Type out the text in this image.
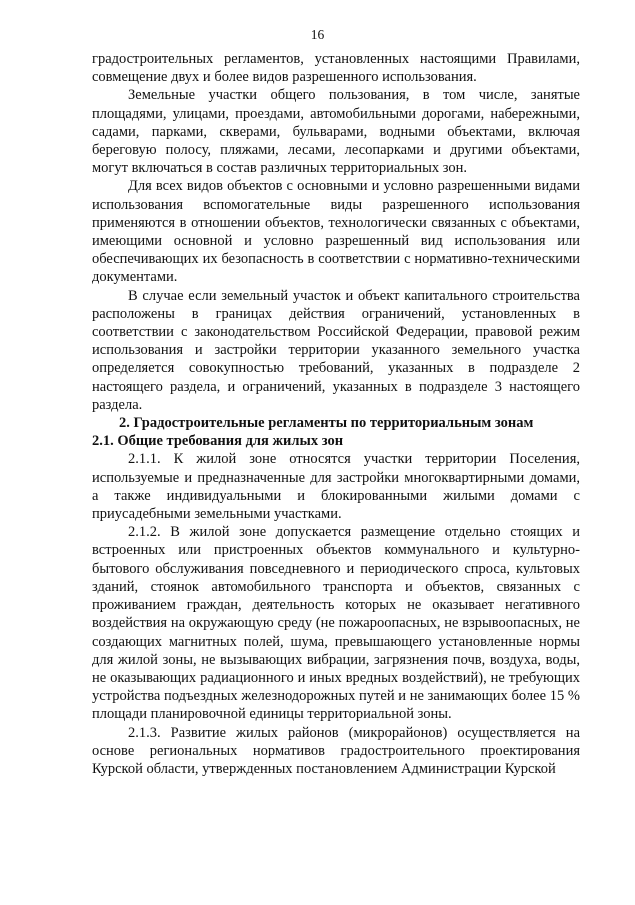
16

градостроительных регламентов, установленных настоящими Правилами, совмещение двух и более видов разрешенного использования.

Земельные участки общего пользования, в том числе, занятые площадями, улицами, проездами, автомобильными дорогами, набережными, садами, парками, скверами, бульварами, водными объектами, включая береговую полосу, пляжами, лесами, лесопарками и другими объектами, могут включаться в состав различных территориальных зон.

Для всех видов объектов с основными и условно разрешенными видами использования вспомогательные виды разрешенного использования применяются в отношении объектов, технологически связанных с объектами, имеющими основной и условно разрешенный вид использования или обеспечивающих их безопасность в соответствии с нормативно-техническими документами.

В случае если земельный участок и объект капитального строительства расположены в границах действия ограничений, установленных в соответствии с законодательством Российской Федерации, правовой режим использования и застройки территории указанного земельного участка определяется совокупностью требований, указанных в подразделе 2 настоящего раздела, и ограничений, указанных в подразделе 3 настоящего раздела.

2. Градостроительные регламенты по территориальным зонам

2.1. Общие требования для жилых зон

2.1.1. К жилой зоне относятся участки территории Поселения, используемые и предназначенные для застройки многоквартирными домами, а также индивидуальными и блокированными жилыми домами с приусадебными земельными участками.

2.1.2. В жилой зоне допускается размещение отдельно стоящих и встроенных или пристроенных объектов коммунального и культурно-бытового обслуживания повседневного и периодического спроса, культовых зданий, стоянок автомобильного транспорта и объектов, связанных с проживанием граждан, деятельность которых не оказывает негативного воздействия на окружающую среду (не пожароопасных, не взрывоопасных, не создающих магнитных полей, шума, превышающего установленные нормы для жилой зоны, не вызывающих вибрации, загрязнения почв, воздуха, воды, не оказывающих радиационного и иных вредных воздействий), не требующих устройства подъездных железнодорожных путей и не занимающих более 15 % площади планировочной единицы территориальной зоны.

2.1.3. Развитие жилых районов (микрорайонов) осуществляется на основе региональных нормативов градостроительного проектирования Курской области, утвержденных постановлением Администрации Курской
